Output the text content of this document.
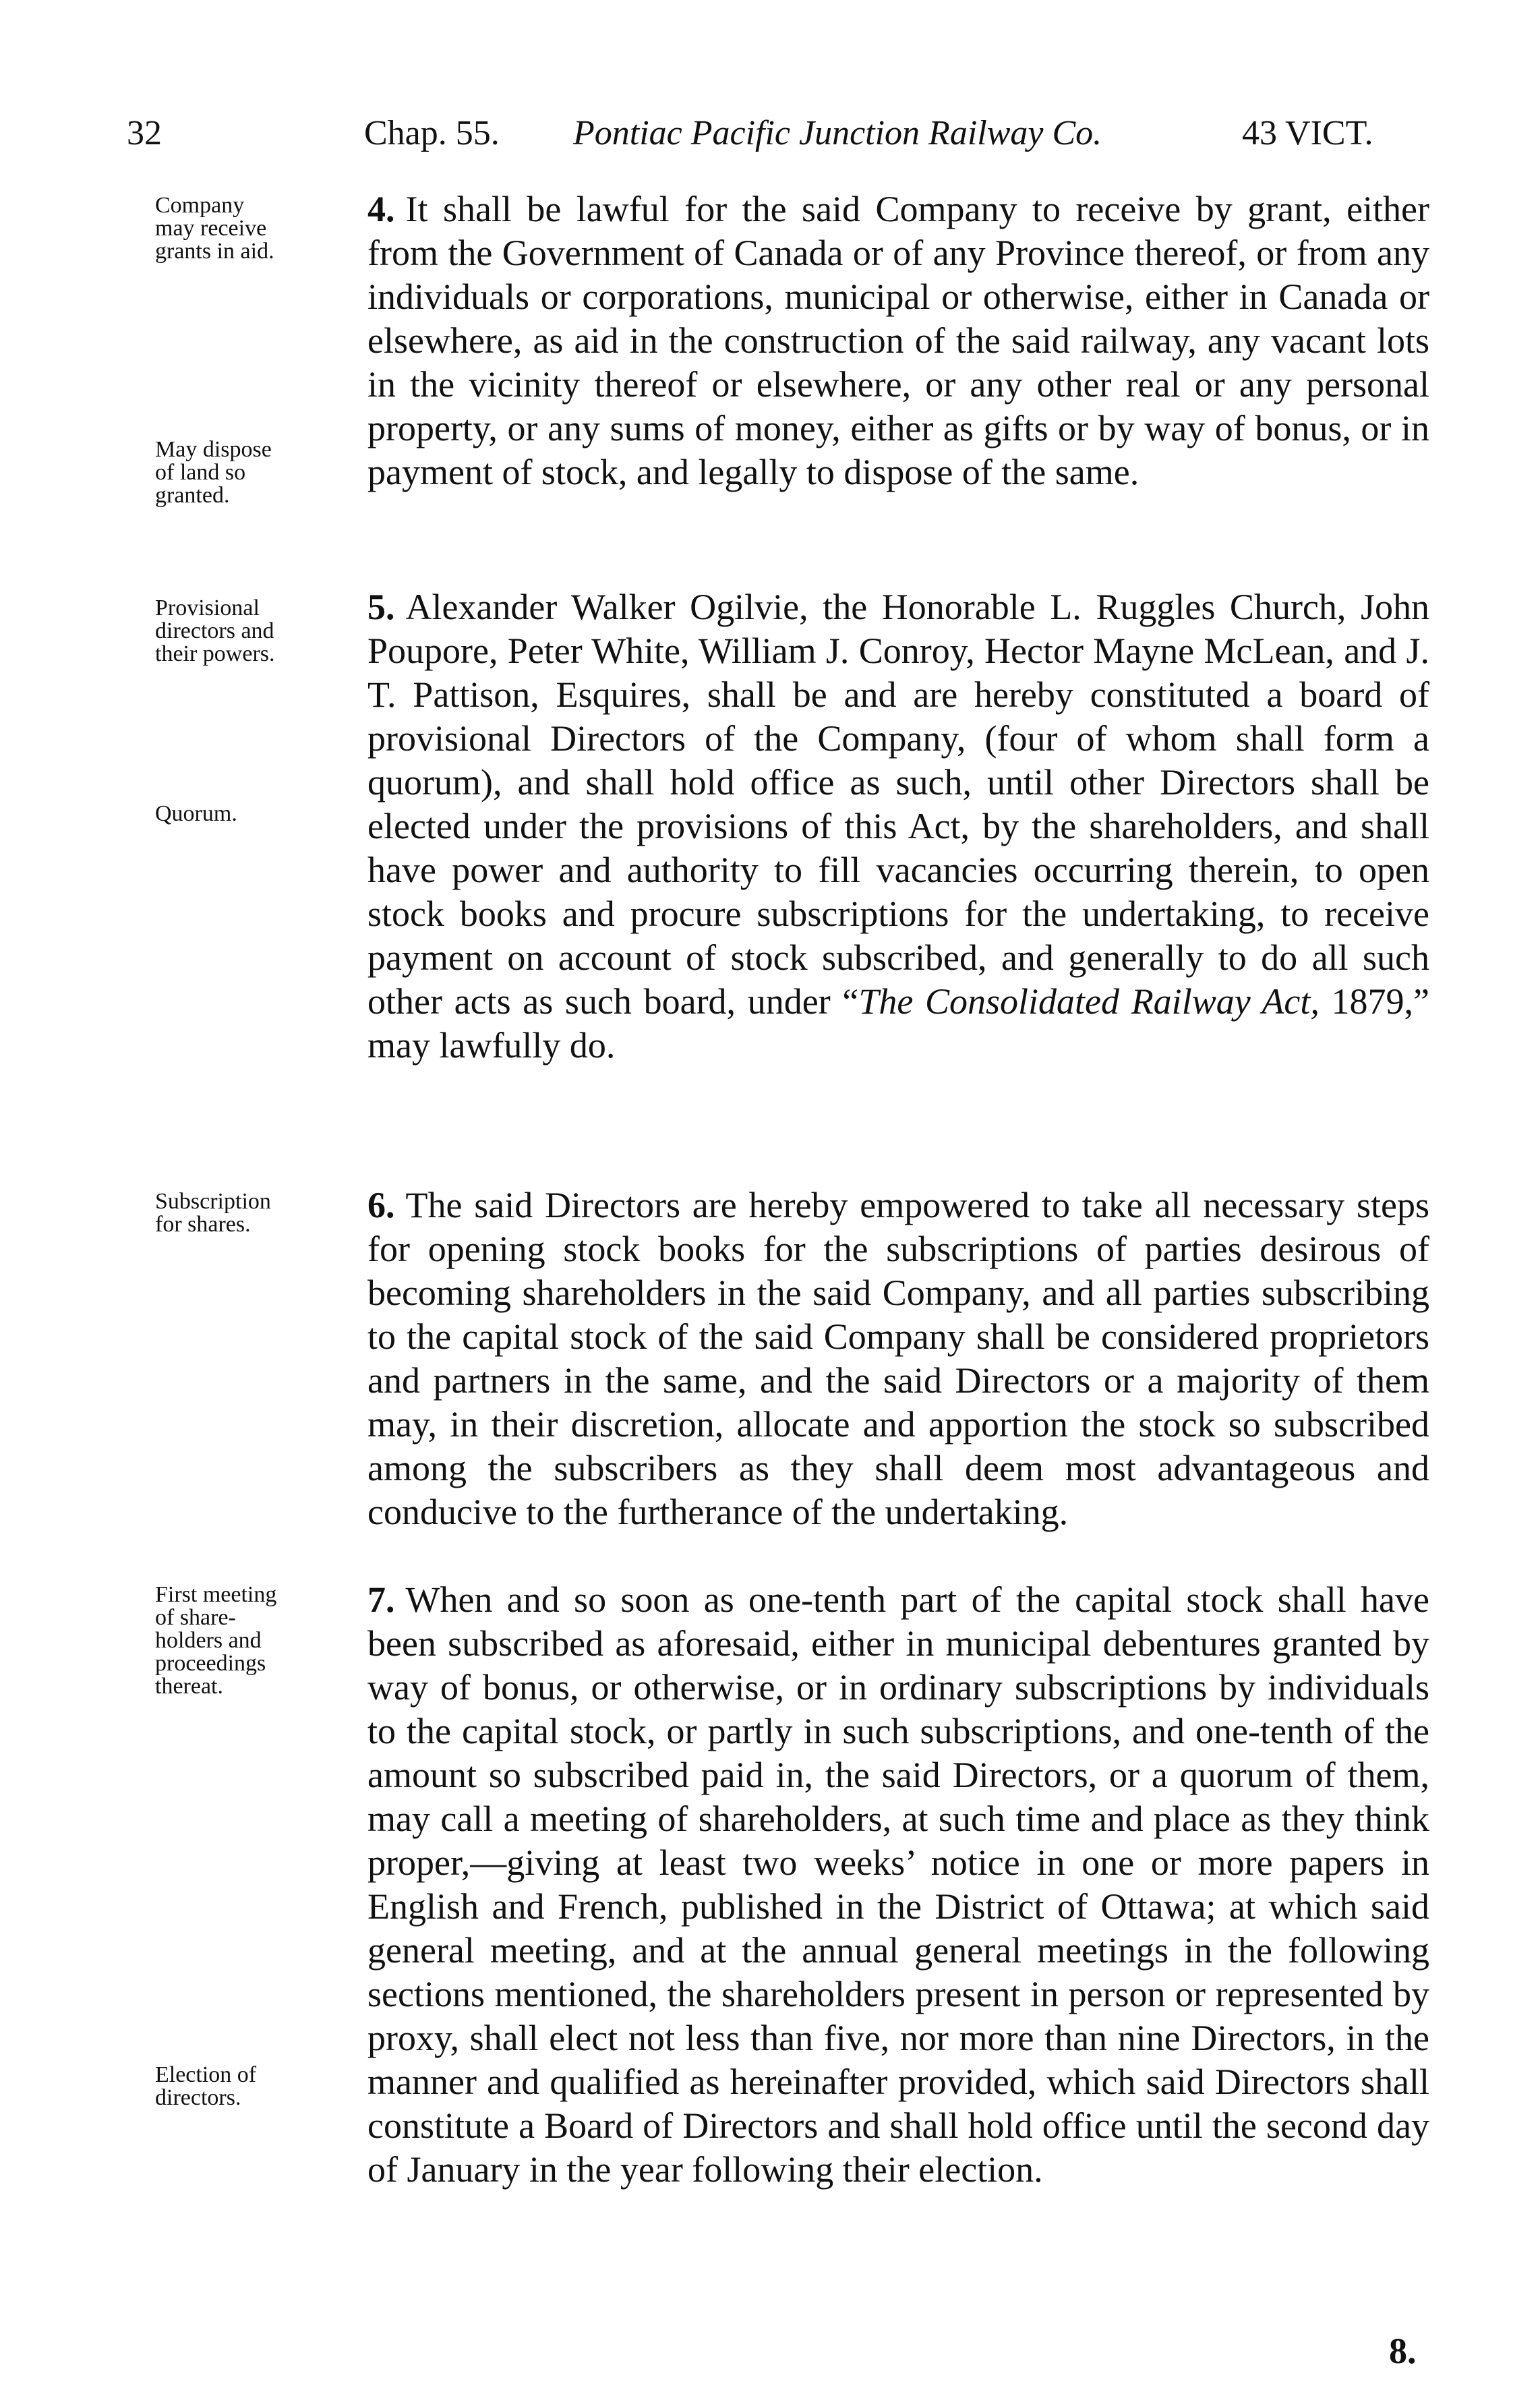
32	Chap. 55. Pontiac Pacific Junction Railway Co.	43 VICT.
Company
may receive
grants in aid.
May dispose
of land so
granted.
Provisional
directors and
their powers.
Quorum.
Subscription
for shares.
First meeting
of share-
holders and
proceedings
thereat.
Election of
directors.
4. It shall be lawful for the said Company to receive by grant, either from the Government of Canada or of any Province thereof, or from any individuals or corporations, municipal or otherwise, either in Canada or elsewhere, as aid in the construction of the said railway, any vacant lots in the vicinity thereof or elsewhere, or any other real or any personal property, or any sums of money, either as gifts or by way of bonus, or in payment of stock, and legally to dispose of the same.
5. Alexander Walker Ogilvie, the Honorable L. Ruggles Church, John Poupore, Peter White, William J. Conroy, Hector Mayne McLean, and J. T. Pattison, Esquires, shall be and are hereby constituted a board of provisional Directors of the Company, (four of whom shall form a quorum), and shall hold office as such, until other Directors shall be elected under the provisions of this Act, by the shareholders, and shall have power and authority to fill vacancies occurring therein, to open stock books and procure subscriptions for the undertaking, to receive payment on account of stock subscribed, and generally to do all such other acts as such board, under “The Consolidated Railway Act, 1879,” may lawfully do.
6. The said Directors are hereby empowered to take all necessary steps for opening stock books for the subscriptions of parties desirous of becoming shareholders in the said Company, and all parties subscribing to the capital stock of the said Company shall be considered proprietors and partners in the same, and the said Directors or a majority of them may, in their discretion, allocate and apportion the stock so subscribed among the subscribers as they shall deem most advantageous and conducive to the furtherance of the undertaking.
7. When and so soon as one-tenth part of the capital stock shall have been subscribed as aforesaid, either in municipal debentures granted by way of bonus, or otherwise, or in ordinary subscriptions by individuals to the capital stock, or partly in such subscriptions, and one-tenth of the amount so subscribed paid in, the said Directors, or a quorum of them, may call a meeting of shareholders, at such time and place as they think proper,—giving at least two weeks’ notice in one or more papers in English and French, published in the District of Ottawa; at which said general meeting, and at the annual general meetings in the following sections mentioned, the shareholders present in person or represented by proxy, shall elect not less than five, nor more than nine Directors, in the manner and qualified as hereinafter provided, which said Directors shall constitute a Board of Directors and shall hold office until the second day of January in the year following their election.
8.
